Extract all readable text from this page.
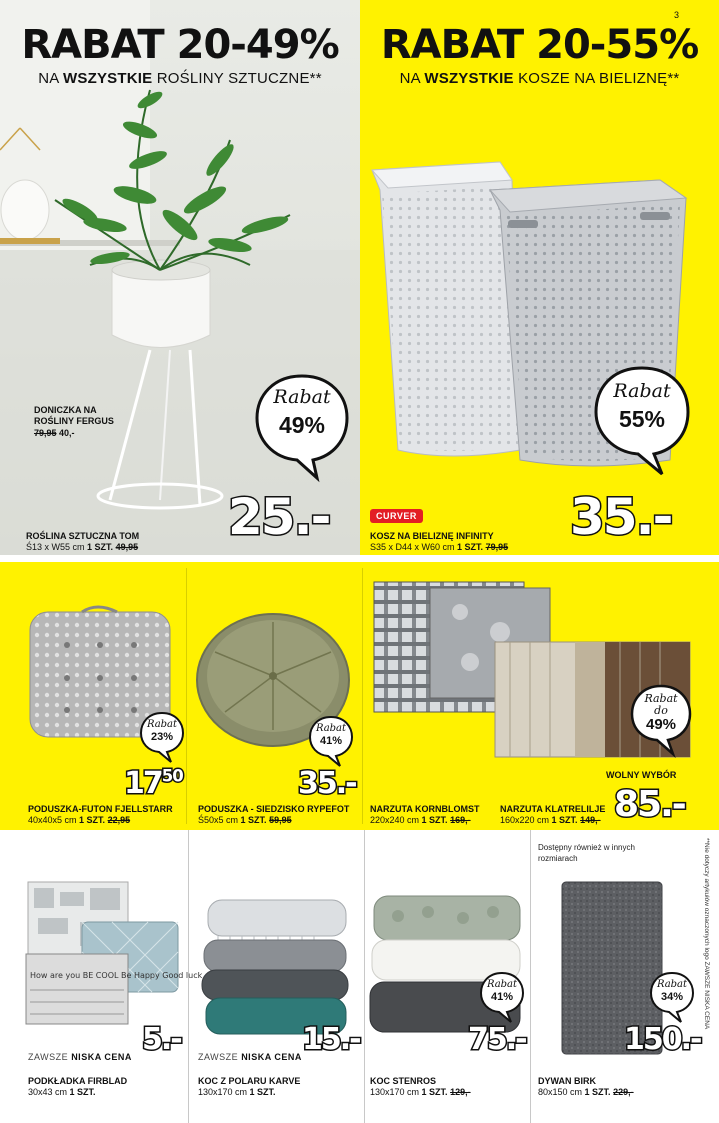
RABAT 20-49%
NA WSZYSTKIE ROŚLINY SZTUCZNE**
DONICZKA NA
ROŚLINY FERGUS
79,95 40,-
Rabat
49%
25.-
ROŚLINA SZTUCZNA TOM
Ś13 x W55 cm 1 SZT. 49,95
3
RABAT 20-55%
NA WSZYSTKIE KOSZE NA BIELIZNĘ**
Rabat
55%
CURVER	35.-
KOSZ NA BIELIZNĘ INFINITY
S35 x D44 x W60 cm 1 SZT. 79,95
Rabat
23%
$17^{50}$
PODUSZKA-FUTON FJELLSTARR
40x40x5 cm 1 SZT. 22,95
Rabat
41%
35.-
PODUSZKA - SIEDZISKO RYPEFOT
Ś50x5 cm 1 SZT. 59,95
Rabat
do
49%
WOLNY WYBÓR
85.-
NARZUTA KORNBLOMST
220x240 cm 1 SZT. 169,-
NARZUTA KLATRELILJE
160x220 cm 1 SZT. 149,-
How are you BE COOL Be Happy Good luck
5.-
ZAWSZE NISKA CENA
PODKŁADKA FIRBLAD
30x43 cm 1 SZT.
15.-
ZAWSZE NISKA CENA
KOC Z POLARU KARVE
130x170 cm 1 SZT.
Rabat
41%
75.-
KOC STENROS
130x170 cm 1 SZT. 129,-
Dostępny również w innych rozmiarach
Rabat
34%
150.-
DYWAN BIRK
80x150 cm 1 SZT. 229,-
**Nie dotyczy artykułów oznaczonych logo ZAWSZE NISKA CENA
